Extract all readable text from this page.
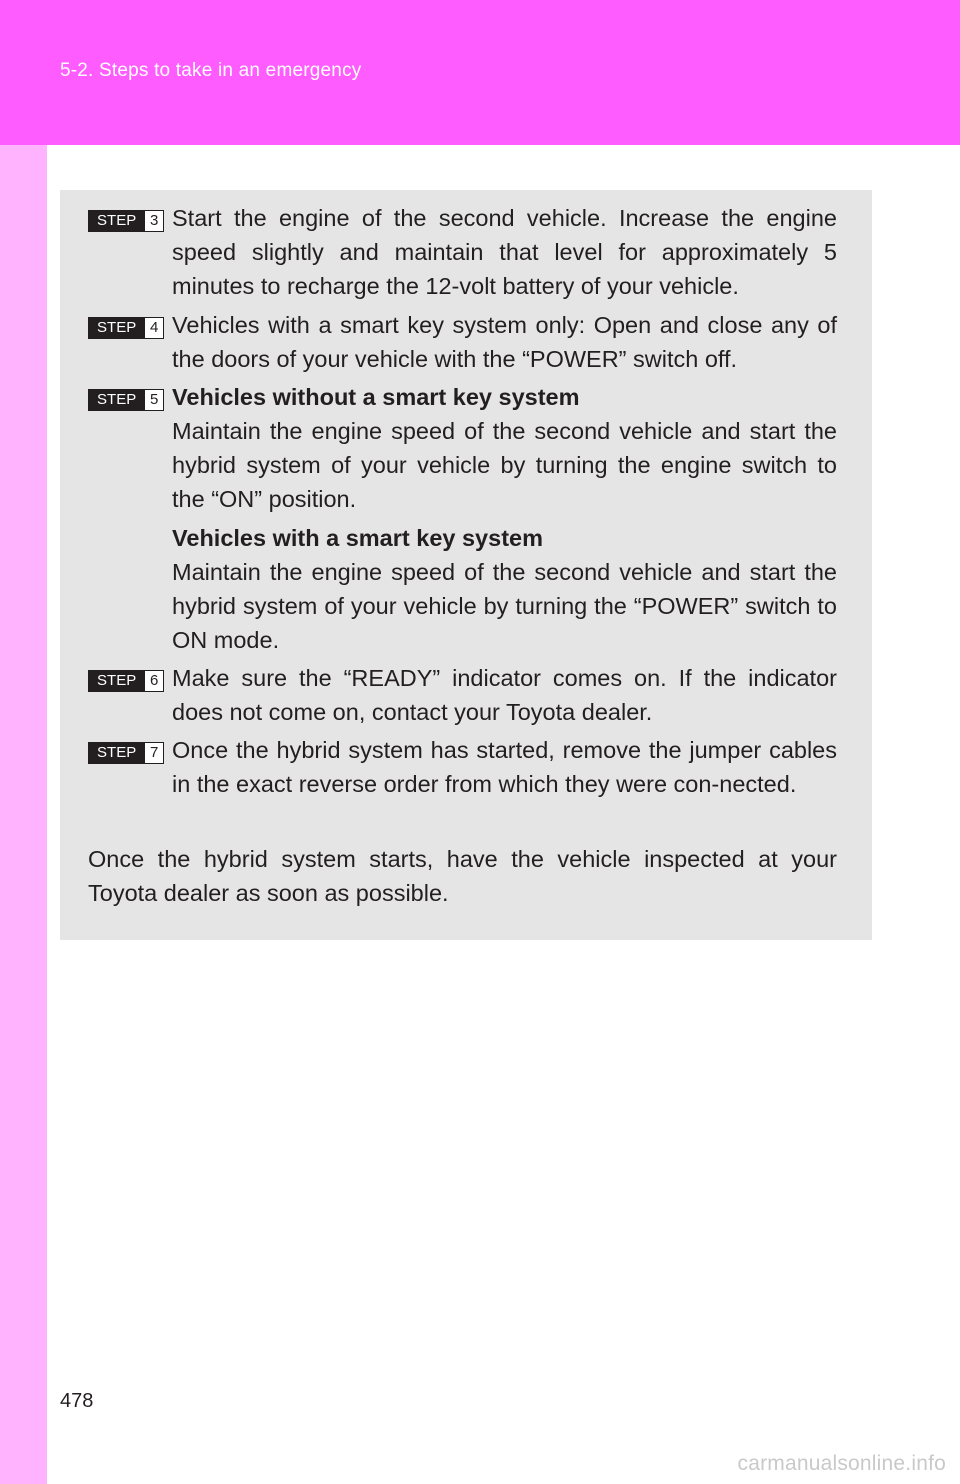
5-2. Steps to take in an emergency
STEP 3 Start the engine of the second vehicle. Increase the engine speed slightly and maintain that level for approximately 5 minutes to recharge the 12-volt battery of your vehicle.
STEP 4 Vehicles with a smart key system only: Open and close any of the doors of your vehicle with the “POWER” switch off.
STEP 5 Vehicles without a smart key system
Maintain the engine speed of the second vehicle and start the hybrid system of your vehicle by turning the engine switch to the “ON” position.
Vehicles with a smart key system
Maintain the engine speed of the second vehicle and start the hybrid system of your vehicle by turning the “POWER” switch to ON mode.
STEP 6 Make sure the “READY” indicator comes on. If the indicator does not come on, contact your Toyota dealer.
STEP 7 Once the hybrid system has started, remove the jumper cables in the exact reverse order from which they were con-nected.
Once the hybrid system starts, have the vehicle inspected at your Toyota dealer as soon as possible.
478
carmanualsonline.info
